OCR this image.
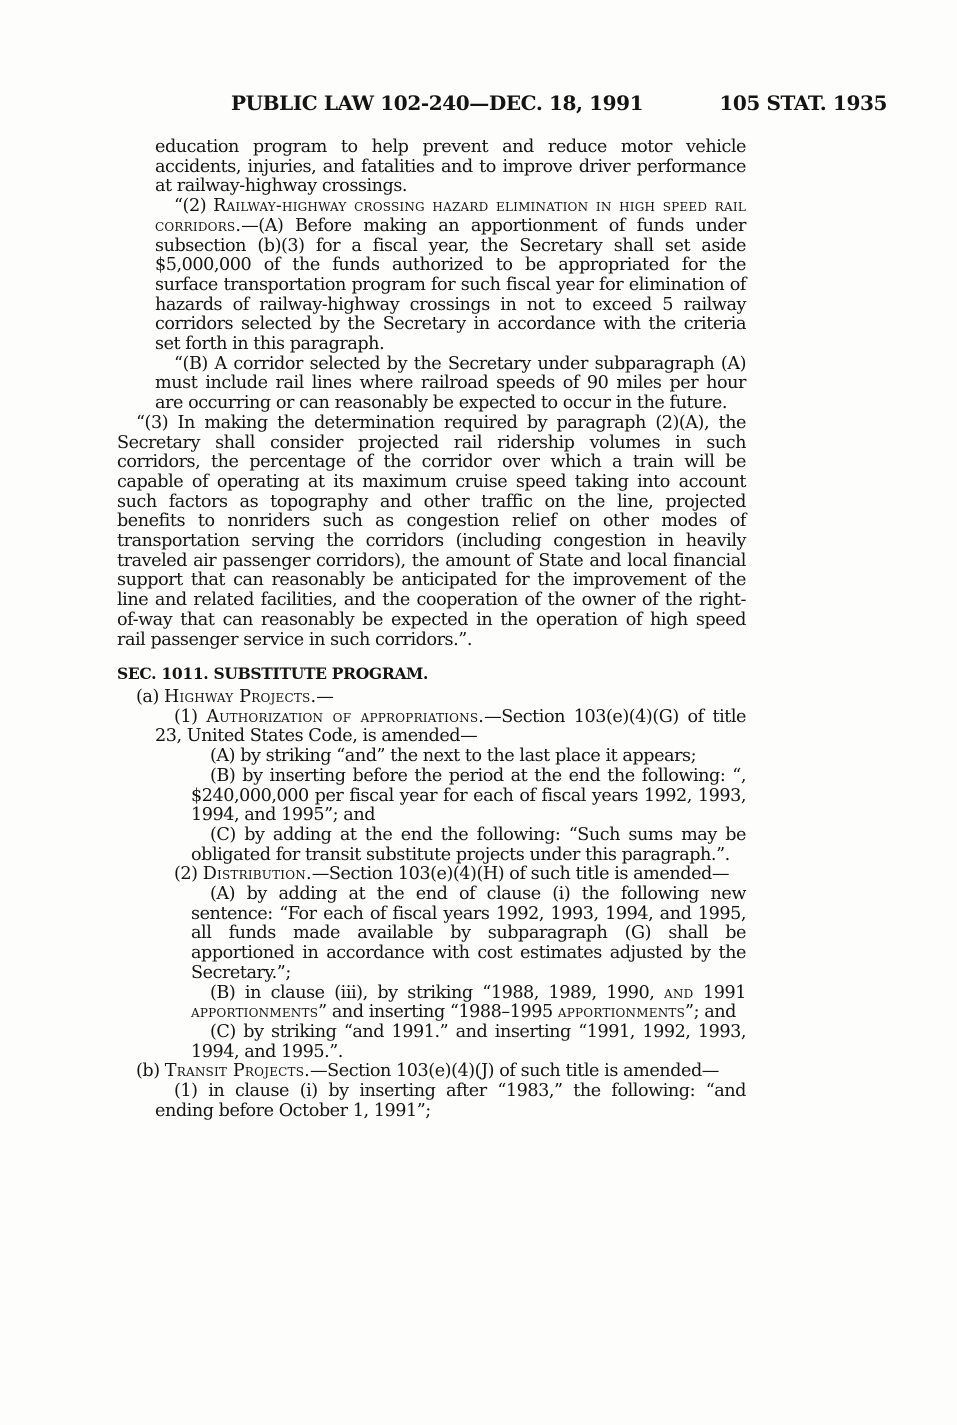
PUBLIC LAW 102-240—DEC. 18, 1991	105 STAT. 1935

education program to help prevent and reduce motor vehicle accidents, injuries, and fatalities and to improve driver performance at railway-highway crossings.

“(2) Railway-highway crossing hazard elimination in high speed rail corridors.—(A) Before making an apportionment of funds under subsection (b)(3) for a fiscal year, the Secretary shall set aside $5,000,000 of the funds authorized to be appropriated for the surface transportation program for such fiscal year for elimination of hazards of railway-highway crossings in not to exceed 5 railway corridors selected by the Secretary in accordance with the criteria set forth in this paragraph.

“(B) A corridor selected by the Secretary under subparagraph (A) must include rail lines where railroad speeds of 90 miles per hour are occurring or can reasonably be expected to occur in the future.

“(3) In making the determination required by paragraph (2)(A), the Secretary shall consider projected rail ridership volumes in such corridors, the percentage of the corridor over which a train will be capable of operating at its maximum cruise speed taking into account such factors as topography and other traffic on the line, projected benefits to nonriders such as congestion relief on other modes of transportation serving the corridors (including congestion in heavily traveled air passenger corridors), the amount of State and local financial support that can reasonably be anticipated for the improvement of the line and related facilities, and the cooperation of the owner of the right-of-way that can reasonably be expected in the operation of high speed rail passenger service in such corridors.”.

SEC. 1011. SUBSTITUTE PROGRAM.

(a) Highway Projects.—

(1) Authorization of appropriations.—Section 103(e)(4)(G) of title 23, United States Code, is amended—

(A) by striking “and” the next to the last place it appears;

(B) by inserting before the period at the end the following: “, $240,000,000 per fiscal year for each of fiscal years 1992, 1993, 1994, and 1995”; and

(C) by adding at the end the following: “Such sums may be obligated for transit substitute projects under this paragraph.”.

(2) Distribution.—Section 103(e)(4)(H) of such title is amended—

(A) by adding at the end of clause (i) the following new sentence: “For each of fiscal years 1992, 1993, 1994, and 1995, all funds made available by subparagraph (G) shall be apportioned in accordance with cost estimates adjusted by the Secretary.”;

(B) in clause (iii), by striking “1988, 1989, 1990, and 1991 apportionments” and inserting “1988–1995 apportionments”; and

(C) by striking “and 1991.” and inserting “1991, 1992, 1993, 1994, and 1995.”.

(b) Transit Projects.—Section 103(e)(4)(J) of such title is amended—

(1) in clause (i) by inserting after “1983,” the following: “and ending before October 1, 1991”;
